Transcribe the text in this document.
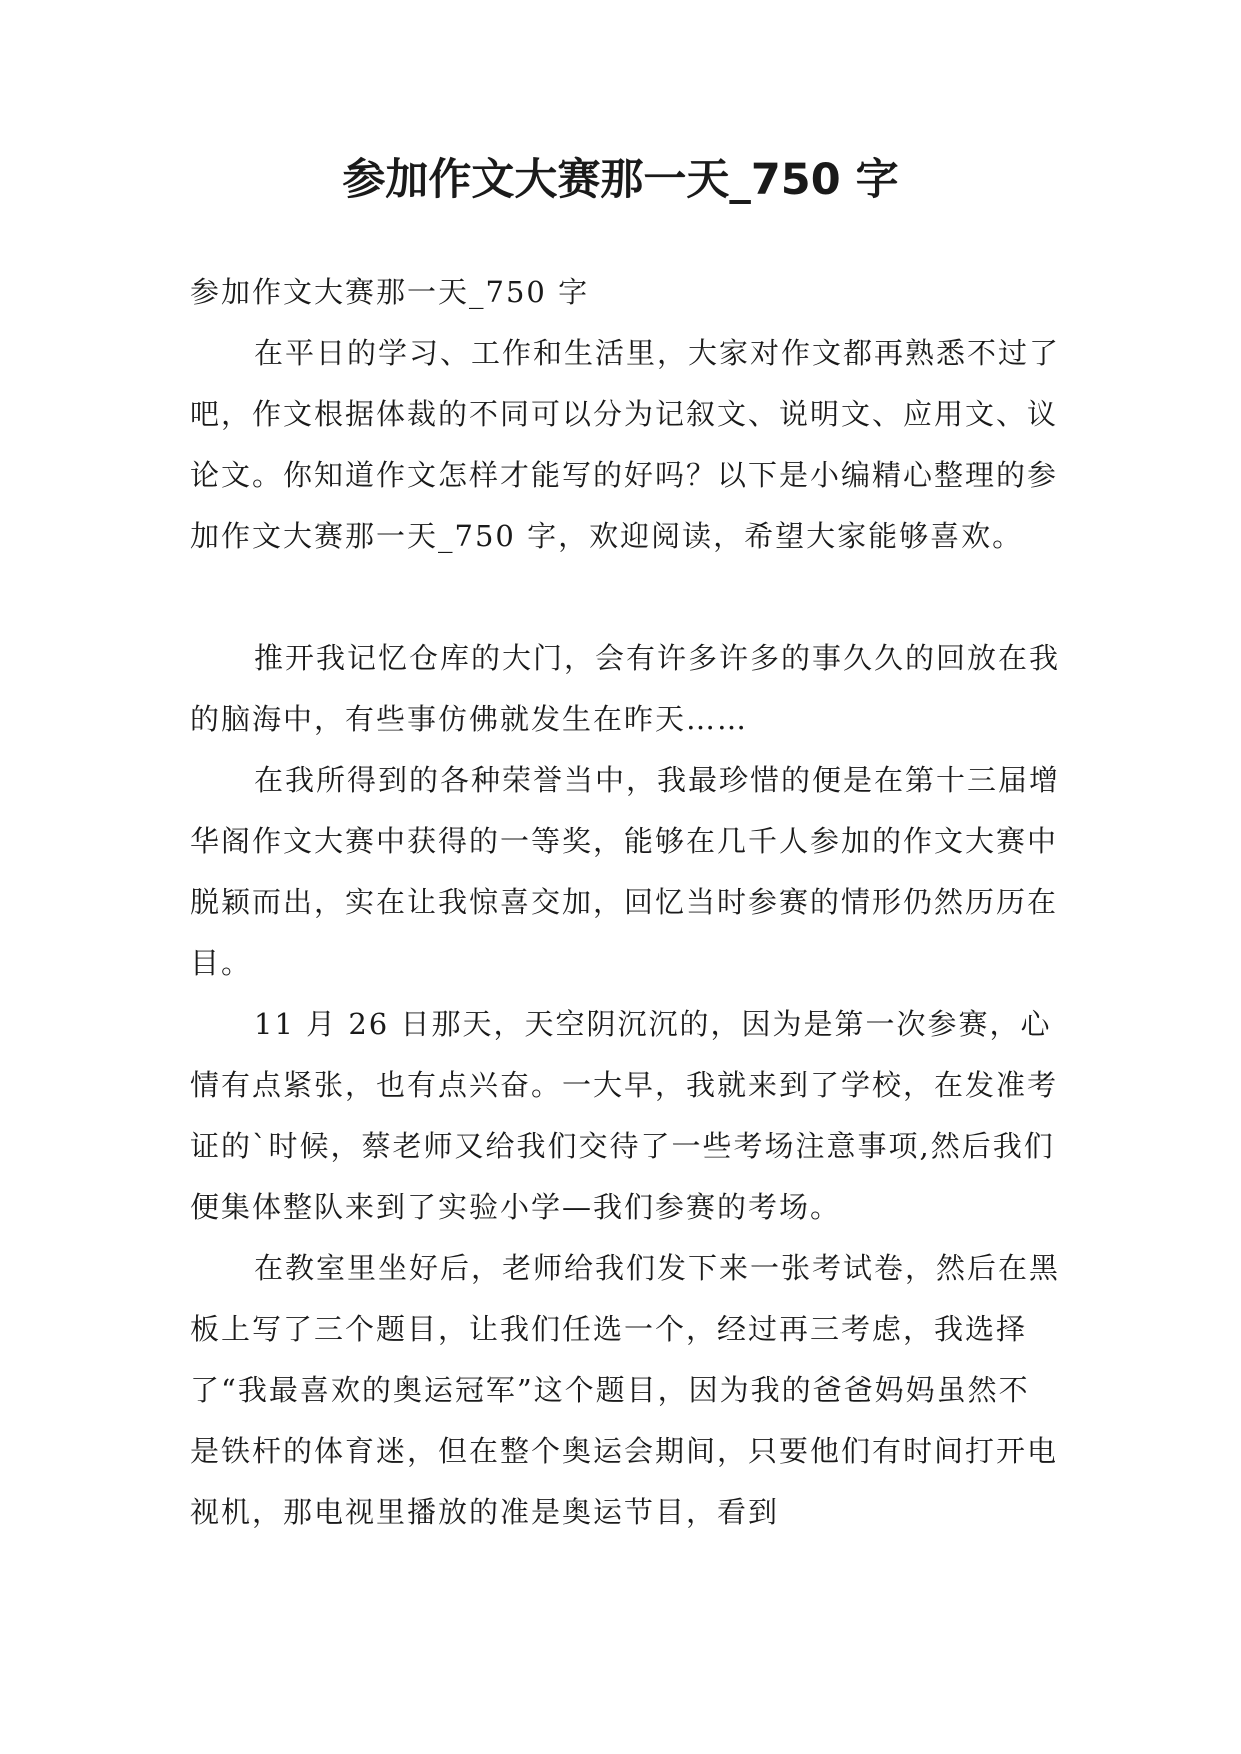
参加作文大赛那一天_750 字

参加作文大赛那一天_750 字

在平日的学习、工作和生活里，大家对作文都再熟悉不过了吧，作文根据体裁的不同可以分为记叙文、说明文、应用文、议论文。你知道作文怎样才能写的好吗？以下是小编精心整理的参加作文大赛那一天_750 字，欢迎阅读，希望大家能够喜欢。

推开我记忆仓库的大门，会有许多许多的事久久的回放在我的脑海中，有些事仿佛就发生在昨天……

在我所得到的各种荣誉当中，我最珍惜的便是在第十三届增华阁作文大赛中获得的一等奖，能够在几千人参加的作文大赛中脱颖而出，实在让我惊喜交加，回忆当时参赛的情形仍然历历在目。

11 月 26 日那天，天空阴沉沉的，因为是第一次参赛，心情有点紧张，也有点兴奋。一大早，我就来到了学校，在发准考证的`时候，蔡老师又给我们交待了一些考场注意事项,然后我们便集体整队来到了实验小学—我们参赛的考场。

在教室里坐好后，老师给我们发下来一张考试卷，然后在黑板上写了三个题目，让我们任选一个，经过再三考虑，我选择了“我最喜欢的奥运冠军”这个题目，因为我的爸爸妈妈虽然不是铁杆的体育迷，但在整个奥运会期间，只要他们有时间打开电视机，那电视里播放的准是奥运节目，看到
